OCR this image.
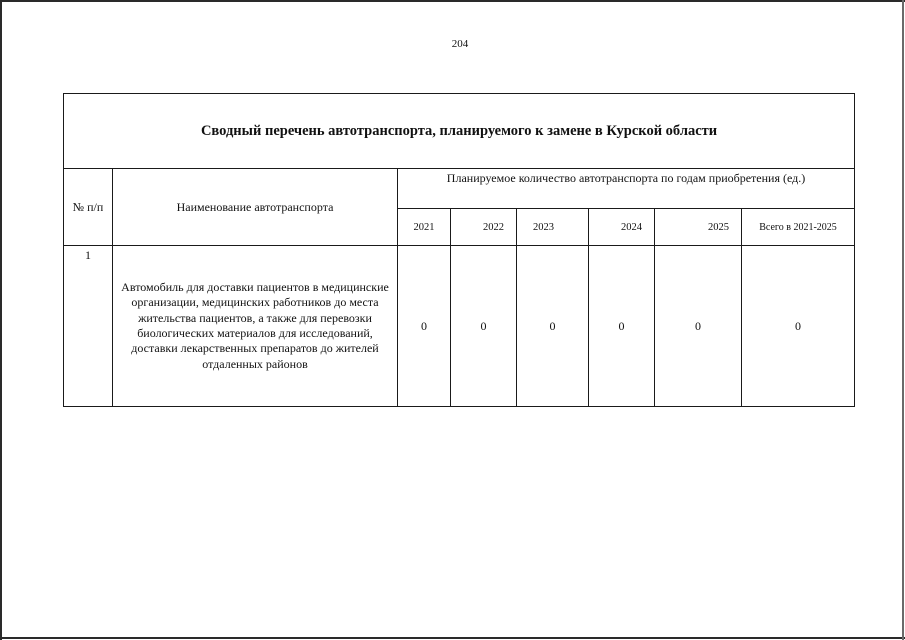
204
Сводный перечень автотранспорта, планируемого к замене в Курской области							
№ п/п	Наименование автотранспорта	Планируемое количество автотранспорта по годам приобретения (ед.)					
		2021	2022	2023	2024	2025	Всего в 2021-2025
1	Автомобиль для доставки пациентов в медицинские организации, медицинских работников до места жительства пациентов, а также для перевозки биологических материалов для исследований, доставки лекарственных препаратов до жителей отдаленных районов	0	0	0	0	0	0
